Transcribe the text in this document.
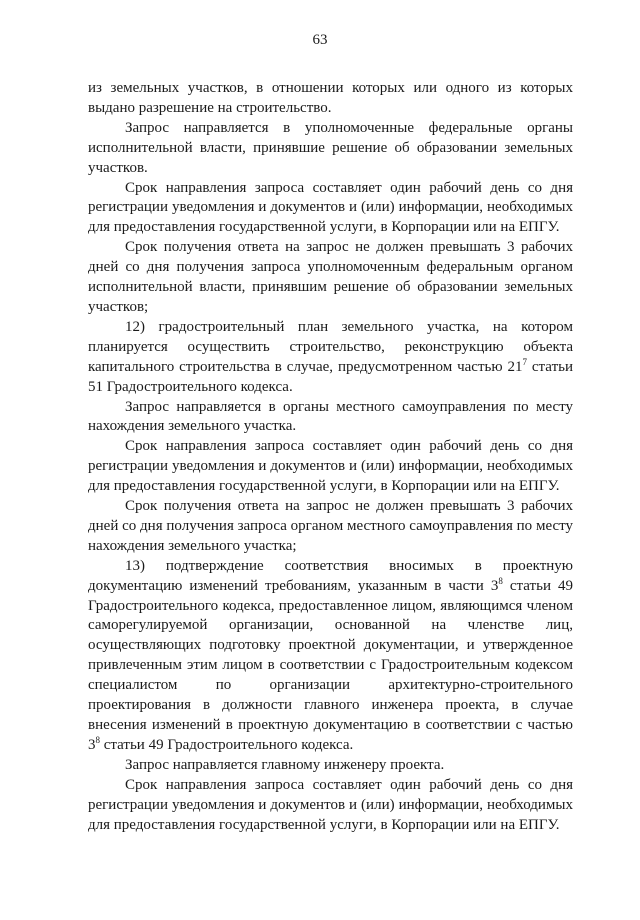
63

из земельных участков, в отношении которых или одного из которых выдано разрешение на строительство.

Запрос направляется в уполномоченные федеральные органы исполнительной власти, принявшие решение об образовании земельных участков.

Срок направления запроса составляет один рабочий день со дня регистрации уведомления и документов и (или) информации, необходимых для предоставления государственной услуги, в Корпорации или на ЕПГУ.

Срок получения ответа на запрос не должен превышать 3 рабочих дней со дня получения запроса уполномоченным федеральным органом исполнительной власти, принявшим решение об образовании земельных участков;

12) градостроительный план земельного участка, на котором планируется осуществить строительство, реконструкцию объекта капитального строительства в случае, предусмотренном частью $21^7$ статьи 51 Градостроительного кодекса.

Запрос направляется в органы местного самоуправления по месту нахождения земельного участка.

Срок направления запроса составляет один рабочий день со дня регистрации уведомления и документов и (или) информации, необходимых для предоставления государственной услуги, в Корпорации или на ЕПГУ.

Срок получения ответа на запрос не должен превышать 3 рабочих дней со дня получения запроса органом местного самоуправления по месту нахождения земельного участка;

13) подтверждение соответствия вносимых в проектную документацию изменений требованиям, указанным в части $3^8$ статьи 49 Градостроительного кодекса, предоставленное лицом, являющимся членом саморегулируемой организации, основанной на членстве лиц, осуществляющих подготовку проектной документации, и утвержденное привлеченным этим лицом в соответствии с Градостроительным кодексом специалистом по организации архитектурно-строительного проектирования в должности главного инженера проекта, в случае внесения изменений в проектную документацию в соответствии с частью $3^8$ статьи 49 Градостроительного кодекса.

Запрос направляется главному инженеру проекта.

Срок направления запроса составляет один рабочий день со дня регистрации уведомления и документов и (или) информации, необходимых для предоставления государственной услуги, в Корпорации или на ЕПГУ.
